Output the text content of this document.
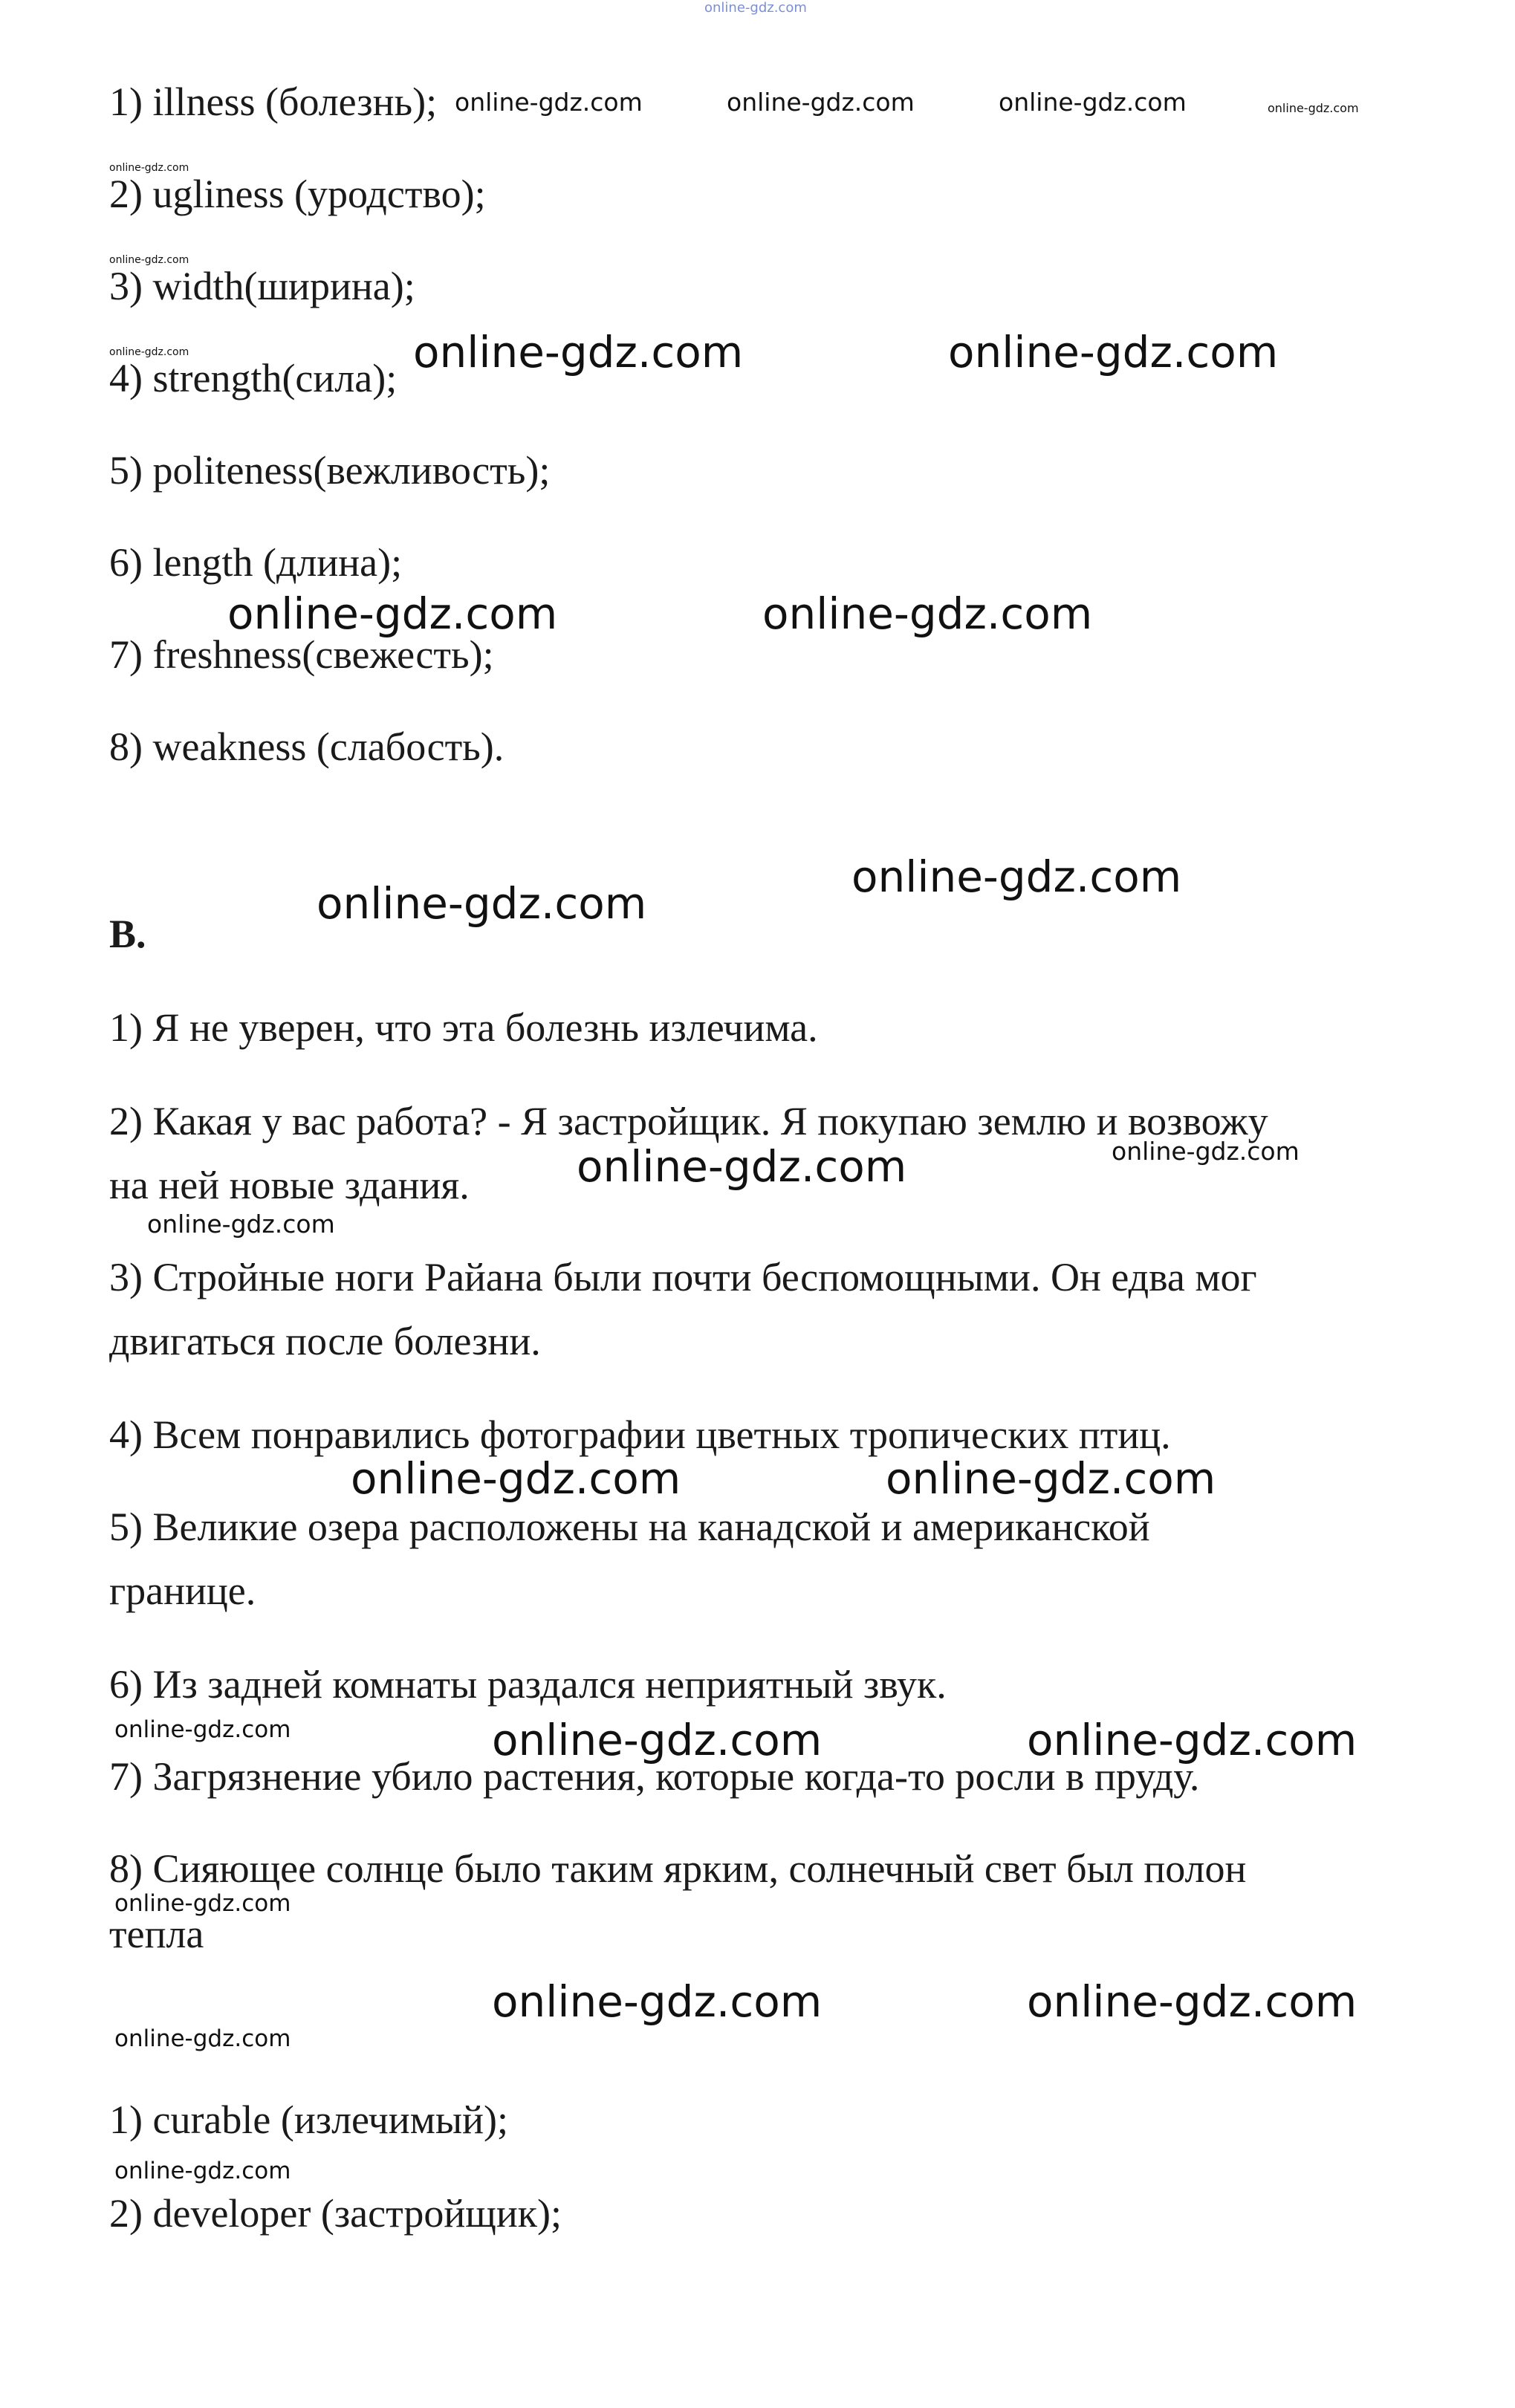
online-gdz.com
1) illness (болезнь);
2) ugliness (уродство);
3) width(ширина);
4) strength(сила);
5) politeness(вежливость);
6) length (длина);
7) freshness(свежесть);
8) weakness (слабость).
B.
1) Я не уверен, что эта болезнь излечима.
2) Какая у вас работа? - Я застройщик. Я покупаю землю и возвожу
на ней новые здания.
3) Стройные ноги Райана были почти беспомощными. Он едва мог
двигаться после болезни.
4) Всем понравились фотографии цветных тропических птиц.
5) Великие озера расположены на канадской и американской
границе.
6) Из задней комнаты раздался неприятный звук.
7) Загрязнение убило растения, которые когда-то росли в пруду.
8) Сияющее солнце было таким ярким, солнечный свет был полон
тепла
1) curable (излечимый);
2) developer (застройщик);
online-gdz.com	online-gdz.com	online-gdz.com	online-gdz.com
online-gdz.com
online-gdz.com
online-gdz.com	online-gdz.com	online-gdz.com
online-gdz.com	online-gdz.com
online-gdz.com
online-gdz.com
online-gdz.com	online-gdz.com
online-gdz.com
online-gdz.com	online-gdz.com
online-gdz.com	online-gdz.com	online-gdz.com
online-gdz.com
online-gdz.com	online-gdz.com
online-gdz.com
online-gdz.com
